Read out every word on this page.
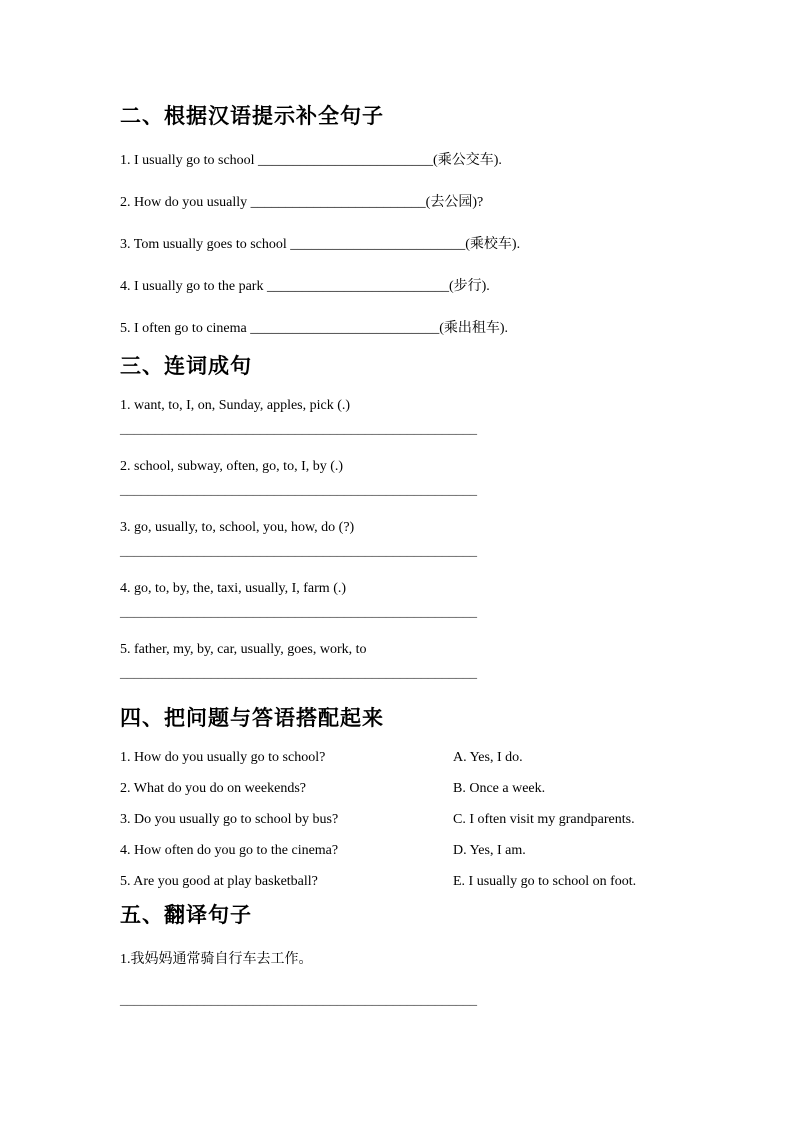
二、根据汉语提示补全句子

1. I usually go to school _________________________(乘公交车).

2. How do you usually _________________________(去公园)?

3. Tom usually goes to school _________________________(乘校车).

4. I usually go to the park __________________________(步行).

5. I often go to cinema ___________________________(乘出租车).

三、连词成句

1. want, to, I, on, Sunday, apples, pick (.)

___________________________________________________

2. school, subway, often, go, to, I, by (.)

___________________________________________________

3. go, usually, to, school, you, how, do (?)

___________________________________________________

4. go, to, by, the, taxi, usually, I, farm (.)

___________________________________________________

5. father, my, by, car, usually, goes, work, to

___________________________________________________

四、把问题与答语搭配起来
1. How do you usually go to school?	A. Yes, I do.
2. What do you do on weekends?	B. Once a week.
3. Do you usually go to school by bus?	C. I often visit my grandparents.
4. How often do you go to the cinema?	D. Yes, I am.
5. Are you good at play basketball?	E. I usually go to school on foot.
五、翻译句子

1.我妈妈通常骑自行车去工作。

___________________________________________________
